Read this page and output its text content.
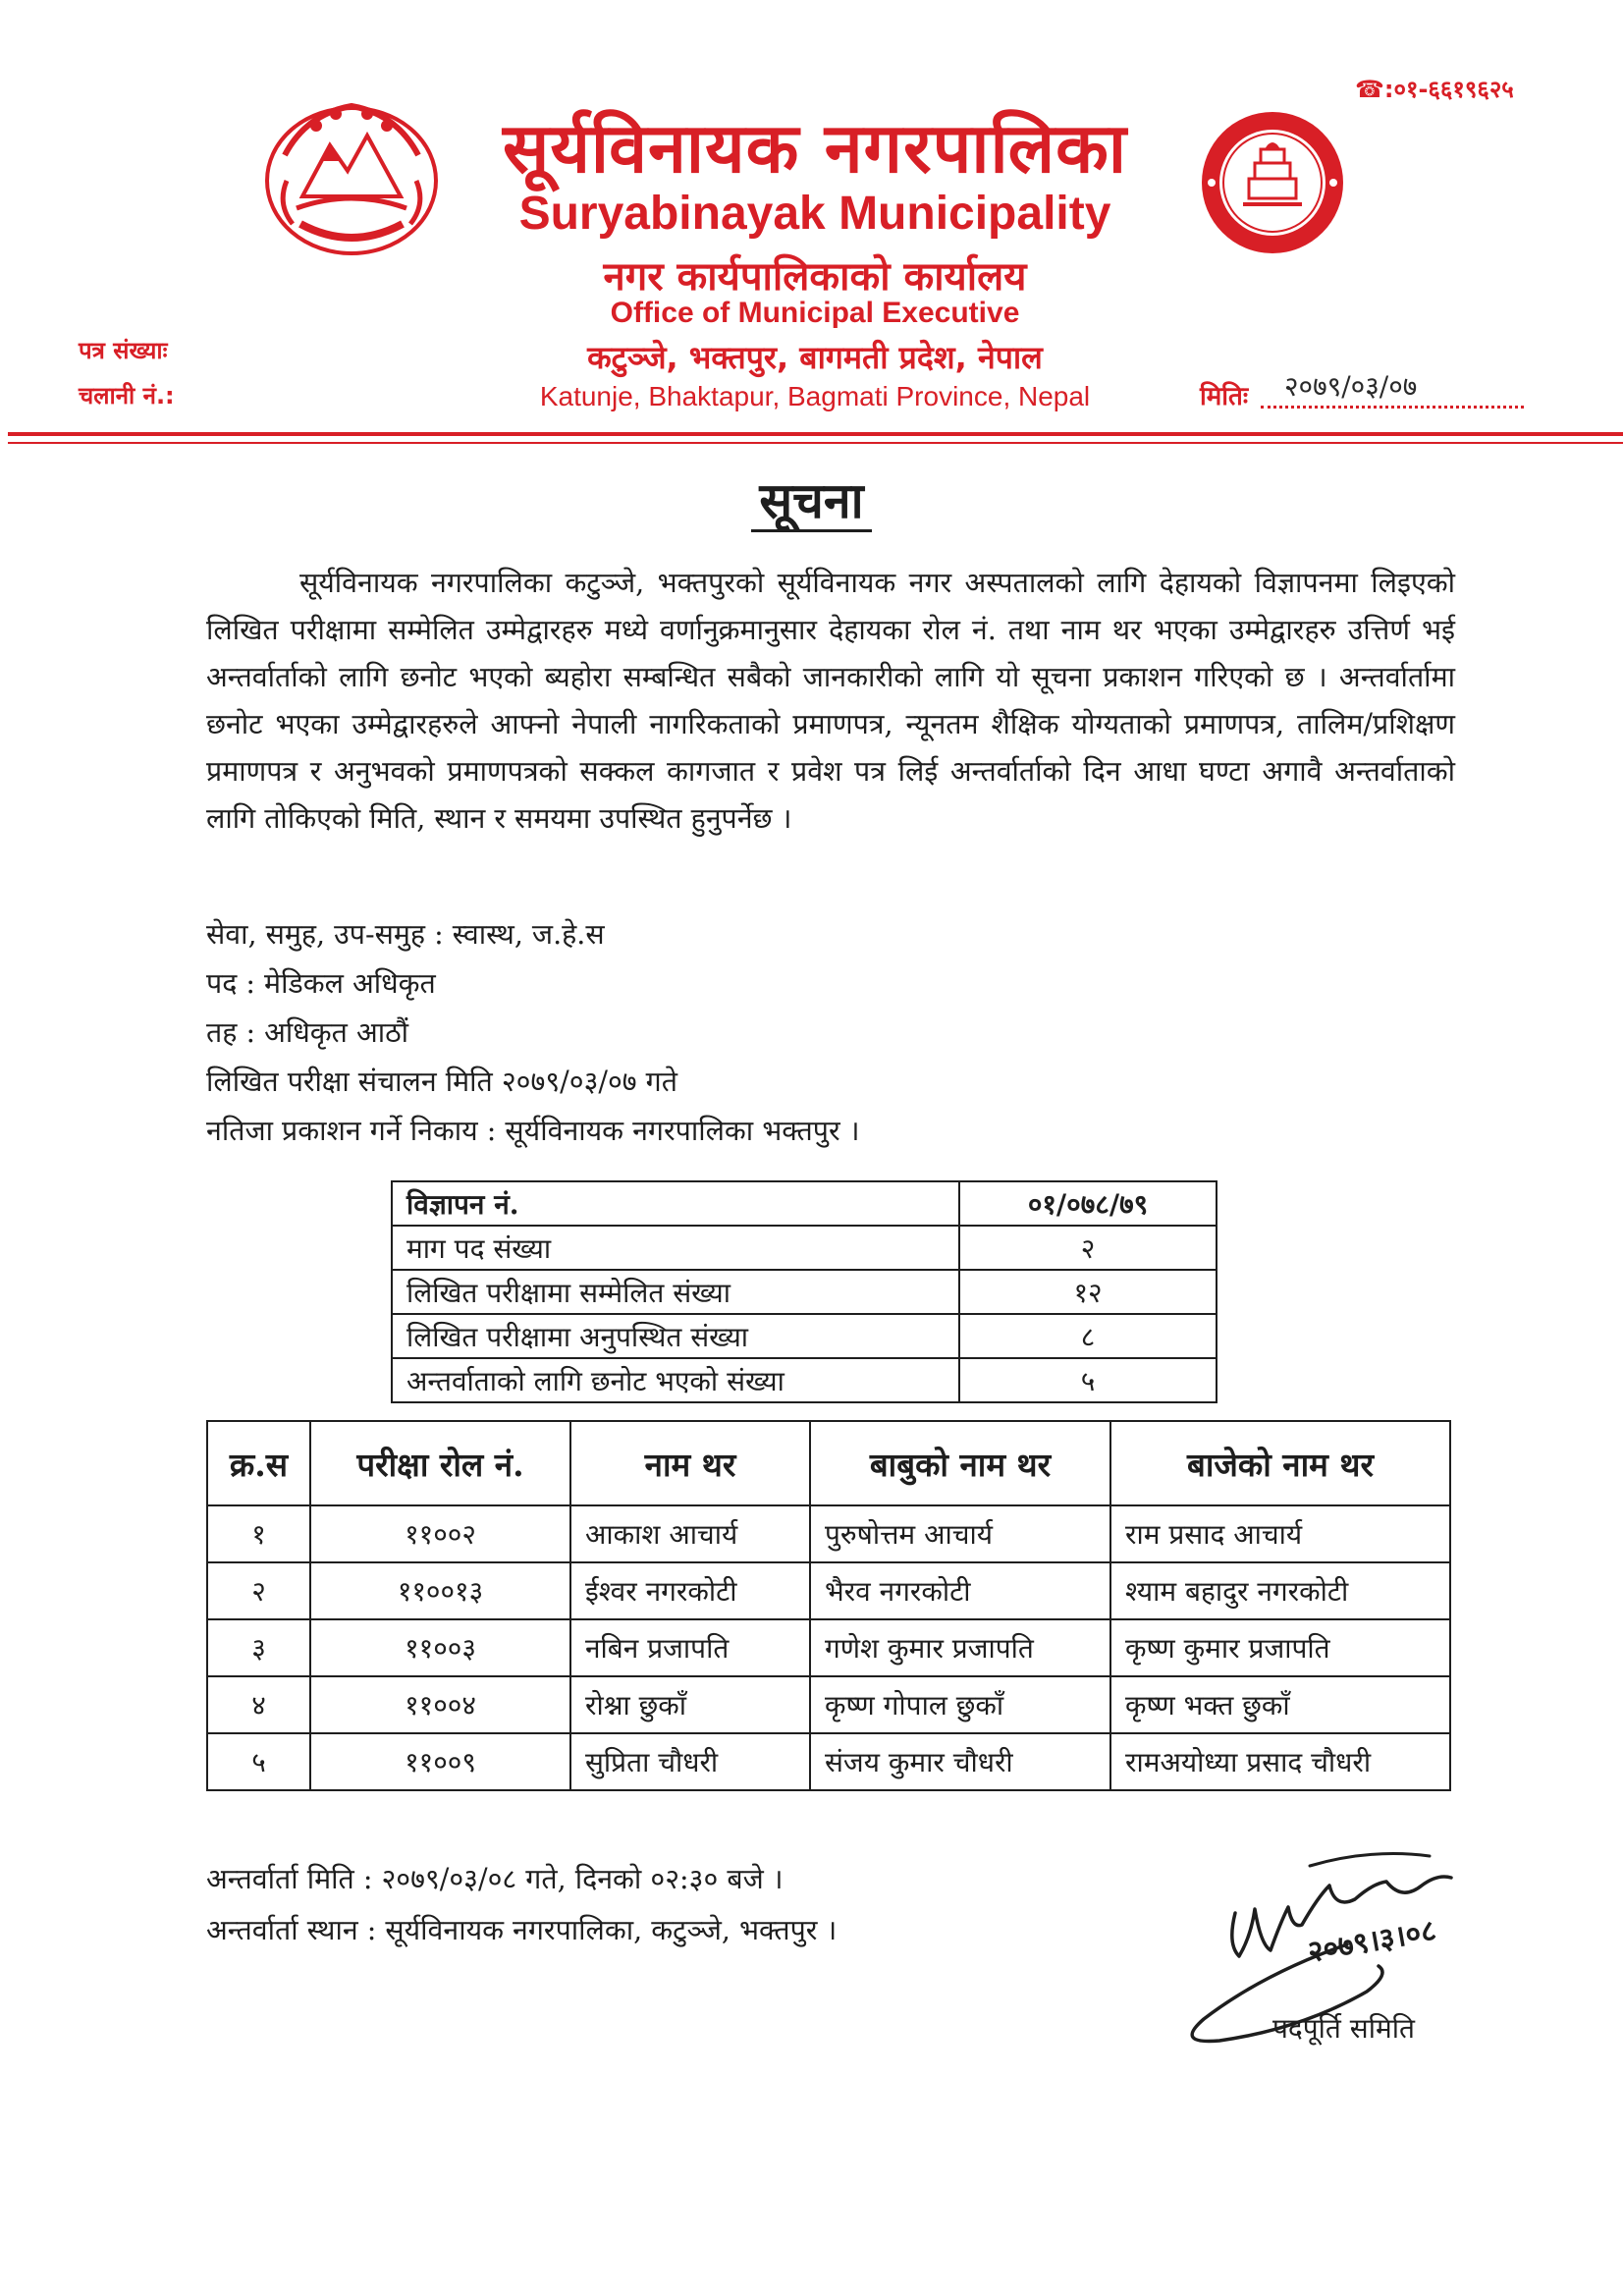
☎:०१-६६१९६२५
सूर्यविनायक नगरपालिका
Suryabinayak Municipality
नगर कार्यपालिकाको कार्यालय
Office of Municipal Executive
कटुञ्जे, भक्तपुर, बागमती प्रदेश, नेपाल
Katunje, Bhaktapur, Bagmati Province, Nepal
पत्र संख्याः
चलानी नं.:	मितिः २०७९/०३/०७
सूचना

सूर्यविनायक नगरपालिका कटुञ्जे, भक्तपुरको सूर्यविनायक नगर अस्पतालको लागि देहायको विज्ञापनमा लिइएको लिखित परीक्षामा सम्मेलित उम्मेद्वारहरु मध्ये वर्णानुक्रमानुसार देहायका रोल नं. तथा नाम थर भएका उम्मेद्वारहरु उत्तिर्ण भई अन्तर्वार्ताको लागि छनोट भएको ब्यहोरा सम्बन्धित सबैको जानकारीको लागि यो सूचना प्रकाशन गरिएको छ । अन्तर्वार्तामा छनोट भएका उम्मेद्वारहरुले आफ्नो नेपाली नागरिकताको प्रमाणपत्र, न्यूनतम शैक्षिक योग्यताको प्रमाणपत्र, तालिम/प्रशिक्षण प्रमाणपत्र र अनुभवको प्रमाणपत्रको सक्कल कागजात र प्रवेश पत्र लिई अन्तर्वार्ताको दिन आधा घण्टा अगावै अन्तर्वाताको लागि तोकिएको मिति, स्थान र समयमा उपस्थित हुनुपर्नेछ ।

सेवा, समुह, उप-समुह : स्वास्थ, ज.हे.स
पद : मेडिकल अधिकृत
तह : अधिकृत आठौं
लिखित परीक्षा संचालन मिति २०७९/०३/०७ गते
नतिजा प्रकाशन गर्ने निकाय : सूर्यविनायक नगरपालिका भक्तपुर ।
विज्ञापन नं.	०१/०७८/७९
माग पद संख्या	२
लिखित परीक्षामा सम्मेलित संख्या	१२
लिखित परीक्षामा अनुपस्थित संख्या	८
अन्तर्वाताको लागि छनोट भएको संख्या	५
क्र.स	परीक्षा रोल नं.	नाम थर	बाबुको नाम थर	बाजेको नाम थर
१	११००२	आकाश आचार्य	पुरुषोत्तम आचार्य	राम प्रसाद आचार्य
२	११००१३	ईश्वर नगरकोटी	भैरव नगरकोटी	श्याम बहादुर नगरकोटी
३	११००३	नबिन प्रजापति	गणेश कुमार प्रजापति	कृष्ण कुमार प्रजापति
४	११००४	रोश्ना छुकाँ	कृष्ण गोपाल छुकाँ	कृष्ण भक्त छुकाँ
५	११००९	सुप्रिता चौधरी	संजय कुमार चौधरी	रामअयोध्या प्रसाद चौधरी
अन्तर्वार्ता मिति : २०७९/०३/०८ गते, दिनको ०२:३० बजे ।
अन्तर्वार्ता स्थान : सूर्यविनायक नगरपालिका, कटुञ्जे, भक्तपुर ।	२०७९।३।०८
पदपूर्ति समिति
